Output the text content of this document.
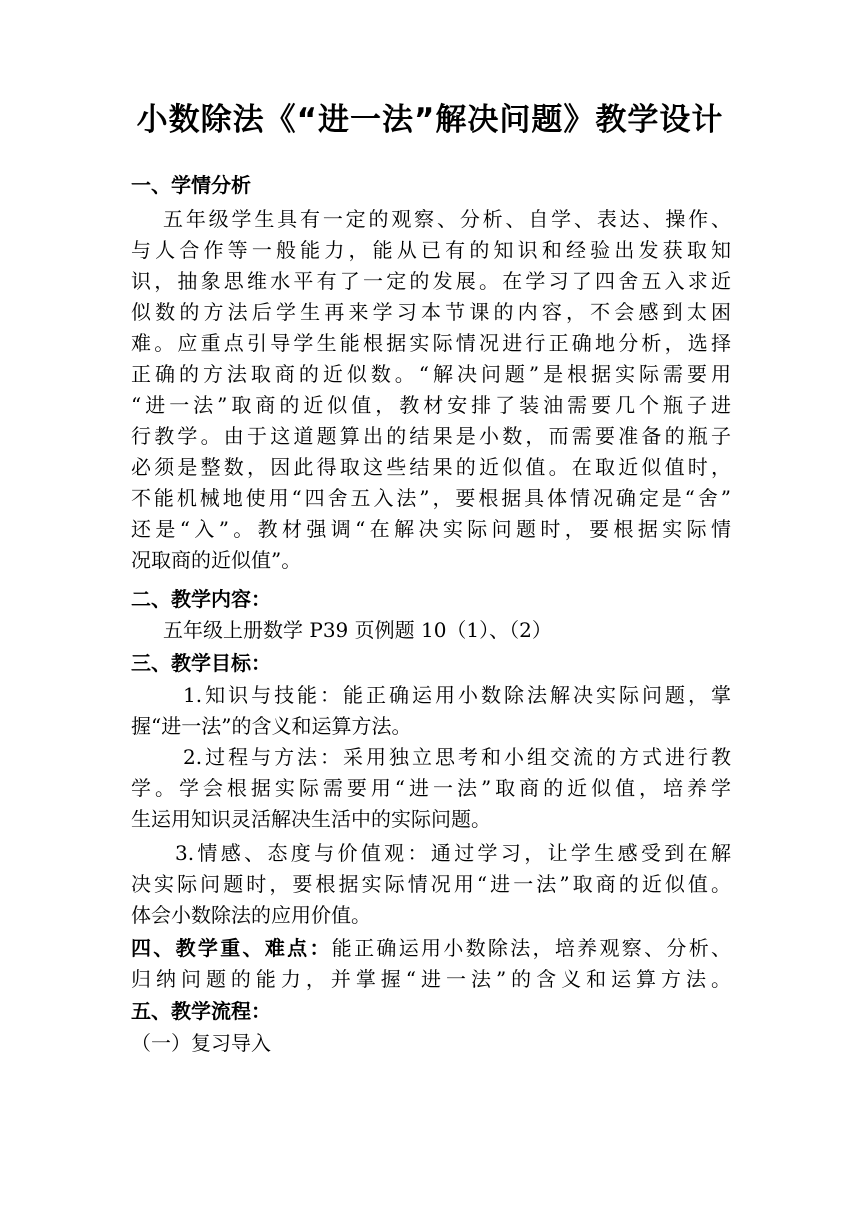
小数除法《“进一法”解决问题》教学设计
一、学情分析
五年级学生具有一定的观察、分析、自学、表达、操作、
与人合作等一般能力，能从已有的知识和经验出发获取知
识，抽象思维水平有了一定的发展。在学习了四舍五入求近
似数的方法后学生再来学习本节课的内容，不会感到太困
难。应重点引导学生能根据实际情况进行正确地分析，选择
正确的方法取商的近似数。“解决问题”是根据实际需要用
“进一法”取商的近似值，教材安排了装油需要几个瓶子进
行教学。由于这道题算出的结果是小数，而需要准备的瓶子
必须是整数，因此得取这些结果的近似值。在取近似值时，
不能机械地使用“四舍五入法”，要根据具体情况确定是“舍”
还是“入”。教材强调“在解决实际问题时，要根据实际情
况取商的近似值”。
二、教学内容：
五年级上册数学 P39 页例题 10（1）、（2）
三、教学目标：
1.知识与技能：能正确运用小数除法解决实际问题，掌
握“进一法”的含义和运算方法。
2.过程与方法：采用独立思考和小组交流的方式进行教
学。学会根据实际需要用“进一法”取商的近似值，培养学
生运用知识灵活解决生活中的实际问题。
3.情感、态度与价值观：通过学习，让学生感受到在解
决实际问题时，要根据实际情况用“进一法”取商的近似值。
体会小数除法的应用价值。
四、教学重、难点：能正确运用小数除法，培养观察、分析、
归纳问题的能力，并掌握“进一法”的含义和运算方法。
五、教学流程：
（一）复习导入
